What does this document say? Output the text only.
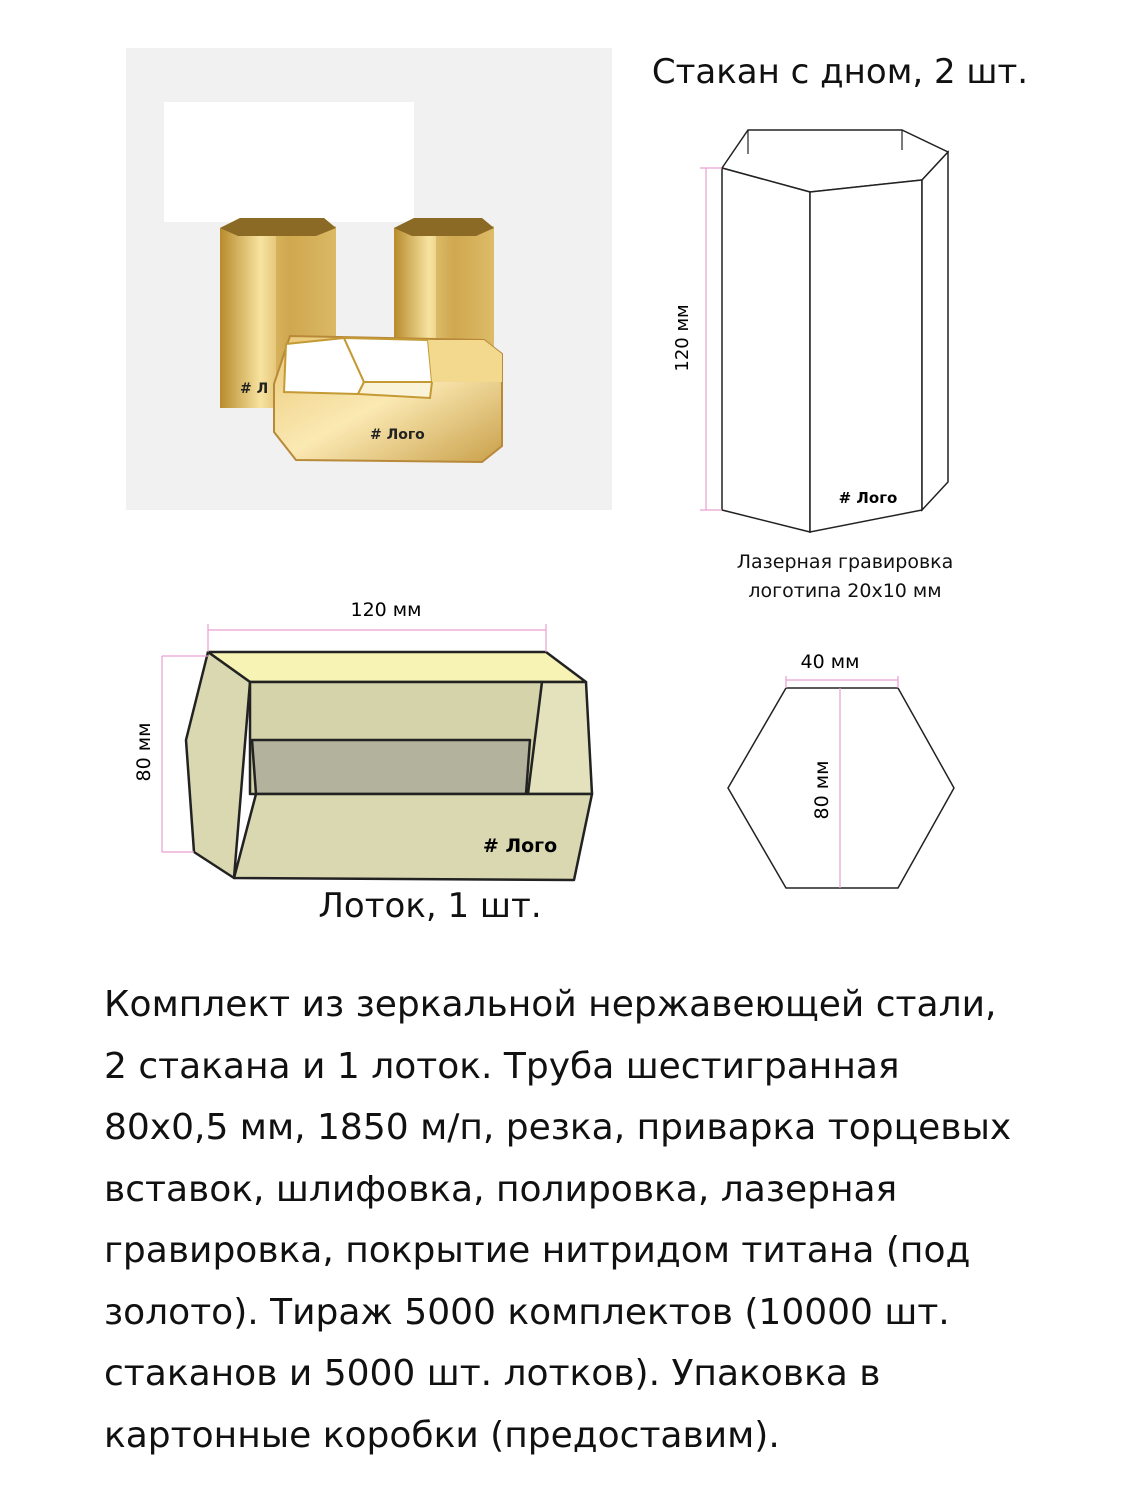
# Л
# Лого
Стакан с дном, 2 шт.
120 мм
# Лого
Лазерная гравировка
логотипа 20х10 мм
120 мм
80 мм
# Лого
Лоток, 1 шт.
40 мм
80 мм
Комплект из зеркальной нержавеющей стали,
2 стакана и 1 лоток. Труба шестигранная
80х0,5 мм, 1850 м/п, резка, приварка торцевых
вставок, шлифовка, полировка, лазерная
гравировка, покрытие нитридом титана (под
золото). Тираж 5000 комплектов (10000 шт.
стаканов и 5000 шт. лотков). Упаковка в
картонные коробки (предоставим).
